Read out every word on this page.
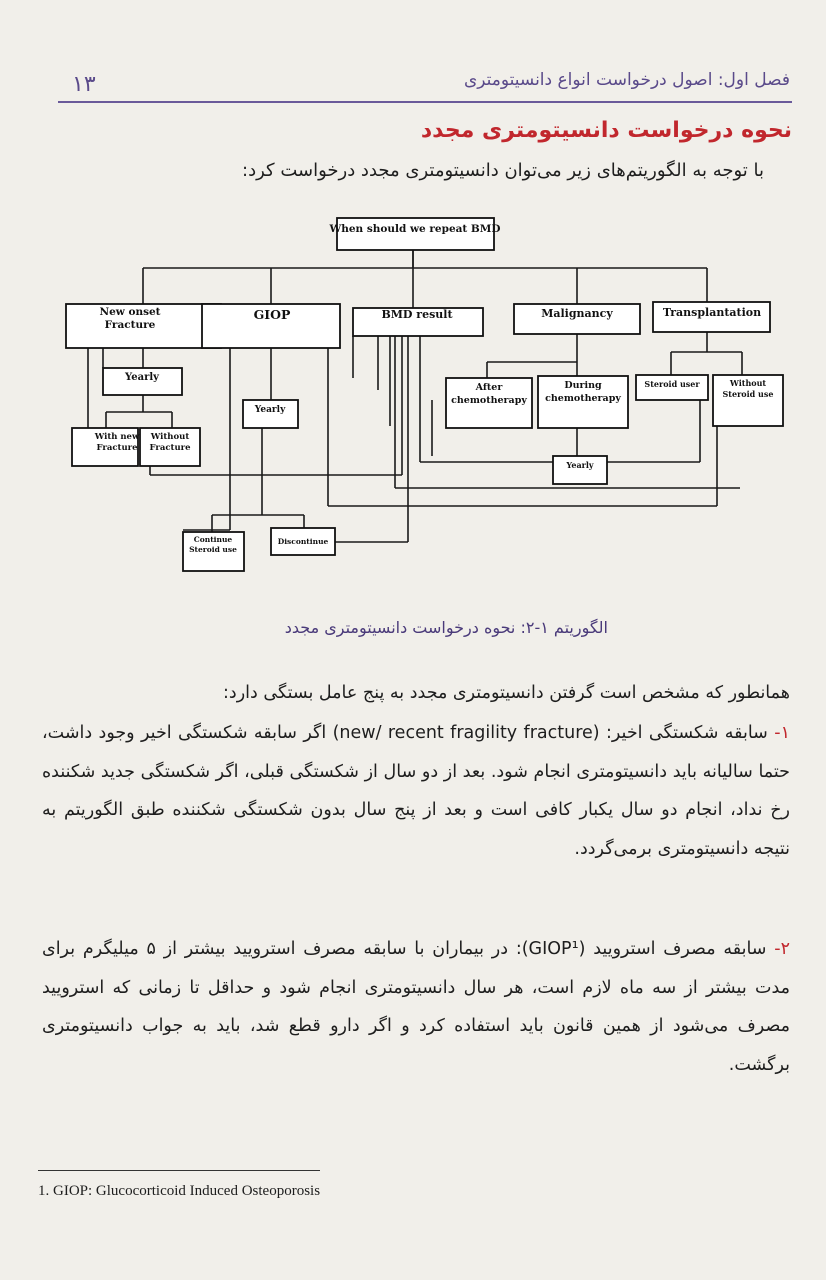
۱۳	فصل اول: اصول درخواست انواع دانسیتومتری
نحوه درخواست دانسیتومتری مجدد
با توجه به الگوریتم‌های زیر می‌توان دانسیتومتری مجدد درخواست کرد:
When should we repeat BMD
New onset
Fracture
GIOP	BMD result	Malignancy	Transplantation
Yearly
With new
Fracture
Without
Fracture
Yearly
Continue
Steroid use
Discontinue
After
chemotherapy
During
chemotherapy
Yearly
Steroid user	Without
Steroid use
الگوریتم ۱-۲: نحوه درخواست دانسیتومتری مجدد
همانطور که مشخص است گرفتن دانسیتومتری مجدد به پنج عامل بستگی دارد:
۱- سابقه شکستگی اخیر: (new/ recent fragility fracture) اگر سابقه شکستگی اخیر وجود داشت، حتما سالیانه باید دانسیتومتری انجام شود. بعد از دو سال از شکستگی قبلی، اگر شکستگی جدید شکننده رخ نداد، انجام دو سال یکبار کافی است و بعد از پنج سال بدون شکستگی شکننده طبق الگوریتم به نتیجه دانسیتومتری برمی‌گردد.
۲- سابقه مصرف استرویید (GIOP¹): در بیماران با سابقه مصرف استرویید بیشتر از ۵ میلیگرم برای مدت بیشتر از سه ماه لازم است، هر سال دانسیتومتری انجام شود و حداقل تا زمانی که استرویید مصرف می‌شود از همین قانون باید استفاده کرد و اگر دارو قطع شد، باید به جواب دانسیتومتری برگشت.
1. GIOP: Glucocorticoid Induced Osteoporosis
